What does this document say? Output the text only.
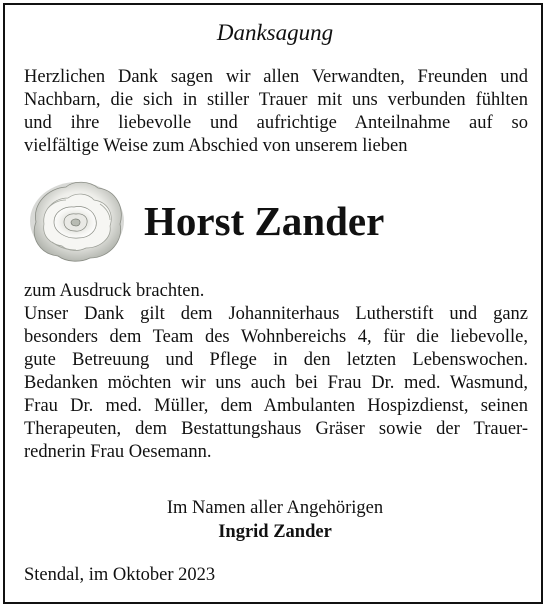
Danksagung
Herzlichen Dank sagen wir allen Verwandten, Freunden und
Nachbarn, die sich in stiller Trauer mit uns verbunden fühlten
und ihre liebevolle und aufrichtige Anteilnahme auf so
vielfältige Weise zum Abschied von unserem lieben
Horst Zander
zum Ausdruck brachten.
Unser Dank gilt dem Johanniterhaus Lutherstift und ganz
besonders dem Team des Wohnbereichs 4, für die liebevolle,
gute Betreuung und Pflege in den letzten Lebenswochen.
Bedanken möchten wir uns auch bei Frau Dr. med. Wasmund,
Frau Dr. med. Müller, dem Ambulanten Hospizdienst, seinen
Therapeuten, dem Bestattungshaus Gräser sowie der Trauer-
rednerin Frau Oesemann.
Im Namen aller Angehörigen
Ingrid Zander
Stendal, im Oktober 2023
